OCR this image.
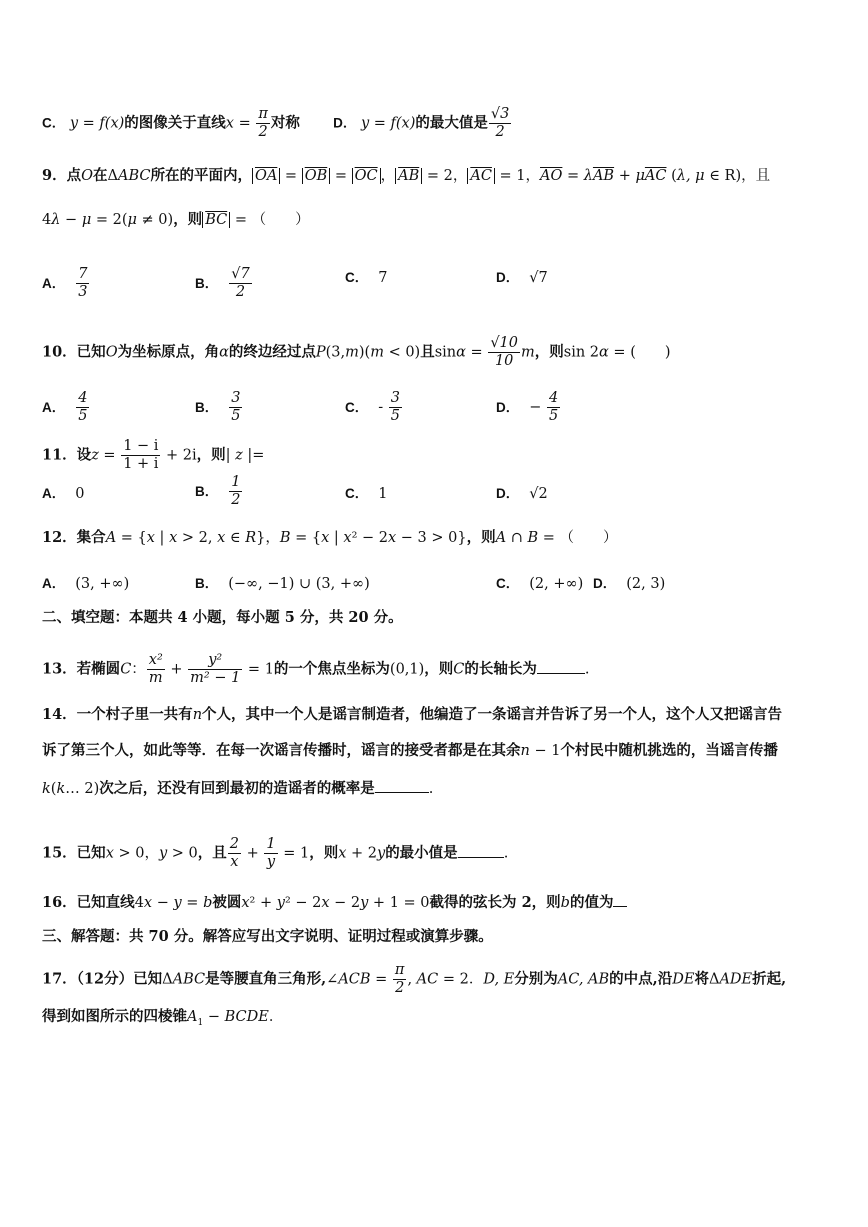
C． y = f(x)的图像关于直线$x = \frac{\pi}{2}$ 对称 D． y = f(x)的最大值是 $\frac{√3}{2}$
9．点O在ΔABC所在的平面内， $\overline{OA} = \overline{OB} = \overline{OC}$ ， $\overline{AB} = 2$， $\overline{AC} = 1$，$\overline{AO} = \lambda\overline{AB} + \mu\overline{AC}$ (λ, μ ∈ R)，且
4λ − μ = 2(μ ≠ 0)，则 $\overline{BC}$ = （　　）
A． $\frac{7}{3}$	B． $\frac{√7}{2}$	C． 7	D． √7
10．已知O为坐标原点，角α的终边经过点P(3,m)(m < 0)且$\sin\alpha = \frac{√10}{10}$ m，则sin 2α = (　　)
A． $\frac{4}{5}$	B． $\frac{3}{5}$	C． - $\frac{3}{5}$	D． − $\frac{4}{5}$
11．设$z = \frac{1 - i}{1 + i} + 2i$，则| z |=
A． 0	B． $\frac{1}{2}$	C． 1	D． √2
12．集合A = {x | x > 2, x ∈ R}，B = {x | x² − 2x − 3 > 0}，则A ∩ B = （　　）
A． (3, +∞)	B． (−∞, −1) ∪ (3, +∞)	C． (2, +∞) D． (2, 3)
二、填空题：本题共 4 小题，每小题 5 分，共 20 分。
13．若椭圆C： $\frac{\text{x²}}{m} + \frac{\text{y²}}{\text{m² − 1}} = 1$的一个焦点坐标为(0,1)，则C的长轴长为	.
14．一个村子里一共有n个人，其中一个人是谣言制造者，他编造了一条谣言并告诉了另一个人，这个人又把谣言告
诉了第三个人，如此等等．在每一次谣言传播时，谣言的接受者都是在其余n − 1个村民中随机挑选的，当谣言传播
k(k… 2)次之后，还没有回到最初的造谣者的概率是	.
15．已知x > 0，y > 0，且 $\frac{2}{x} + \frac{1}{y} = 1$，则x + 2y的最小值是	.
16．已知直线4x − y = b被圆x² + y² − 2x − 2y + 1 = 0截得的弦长为 2，则b的值为
三、解答题：共 70 分。解答应写出文字说明、证明过程或演算步骤。
17．（12分）已知ΔABC是等腰直角三角形,∠ACB = $\frac{\pi}{2}$ , AC = 2．D, E分别为AC, AB的中点,沿DE将ΔADE折起,
得到如图所示的四棱锥$A_1$ − BCDE．
